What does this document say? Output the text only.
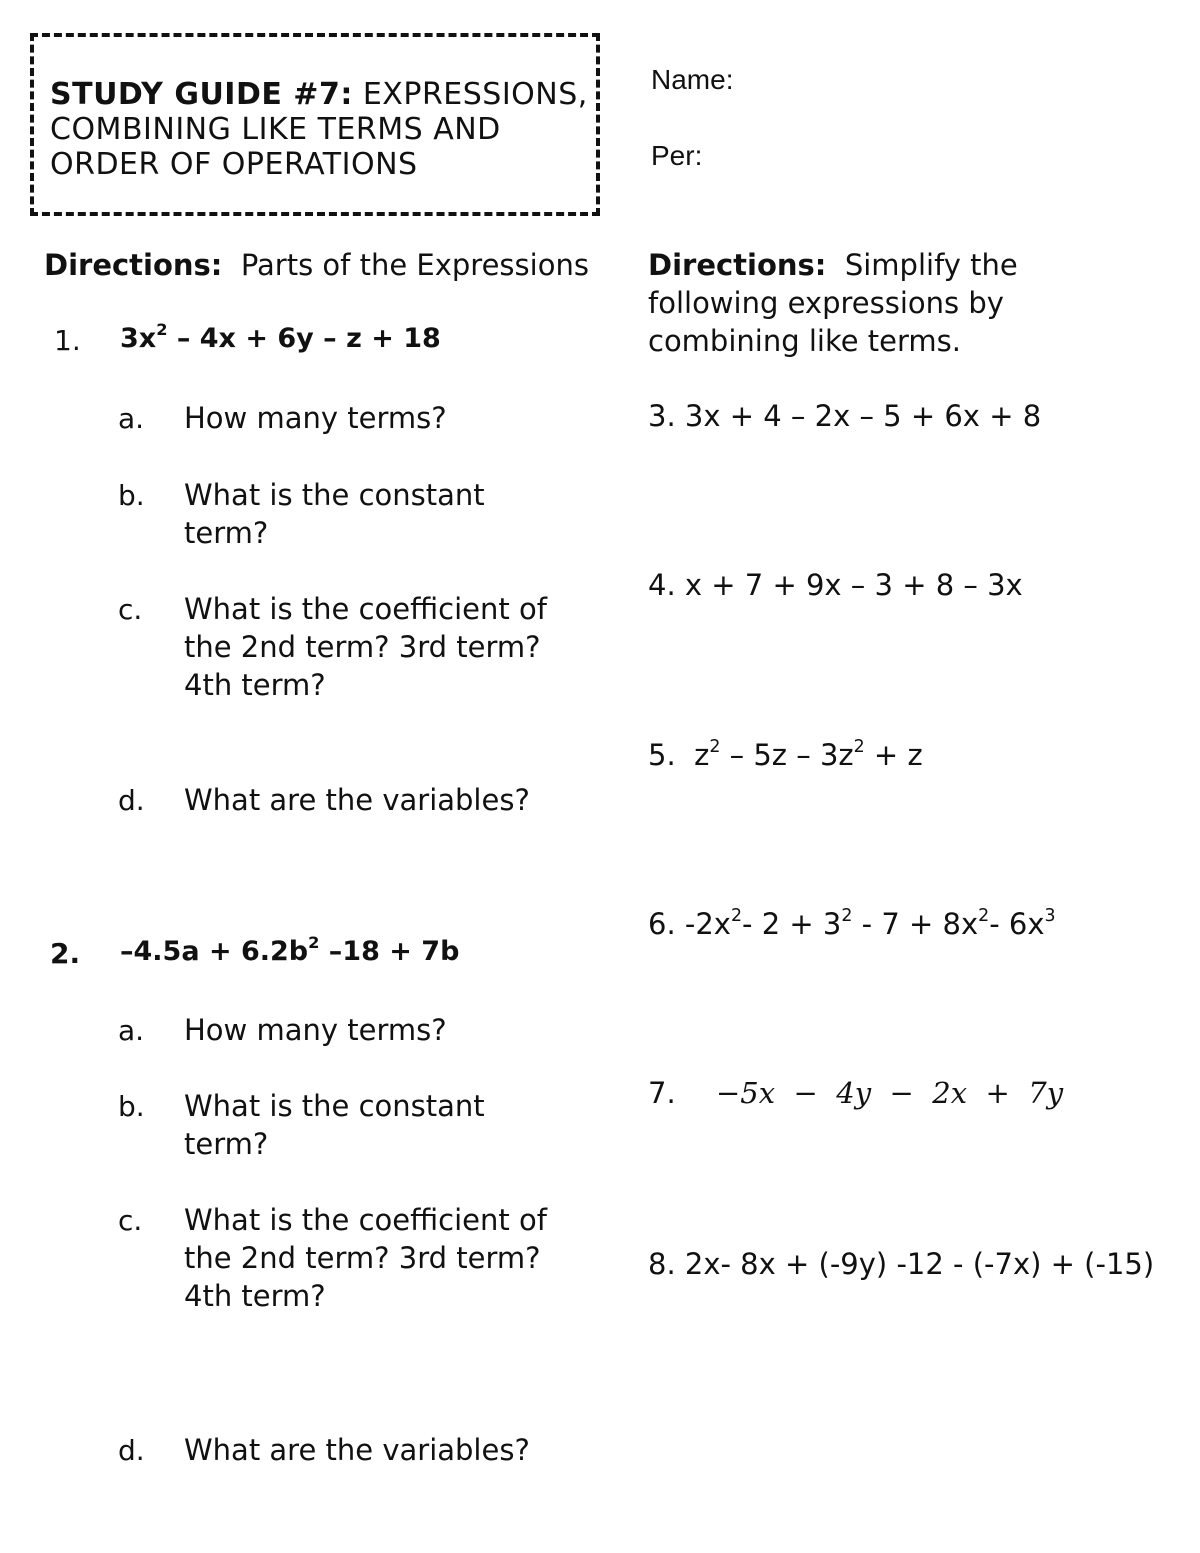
STUDY GUIDE #7: EXPRESSIONS,
COMBINING LIKE TERMS AND
ORDER OF OPERATIONS
Name:
Per:
Directions: Parts of the Expressions
1. $3x^2 - 4x + 6y - z + 18$
a. How many terms?
b. What is the constant term?
c. What is the coefficient of the 2nd term? 3rd term? 4th term?
d. What are the variables?
2. $-4.5a + 6.2b^2$ –18 + 7b
a. How many terms?
b. What is the constant term?
c. What is the coefficient of the 2nd term? 3rd term? 4th term?
d. What are the variables?
Directions: Simplify the following expressions by combining like terms.
3. 3x + 4 – 2x – 5 + 6x + 8
4. x + 7 + 9x – 3 + 8 – 3x
5. $z^2 - 5z - 3z^2 + z$
6. $-2x^2-$ $2 + 3^2 - 7 + 8x^2-$ $6x^3$
7. −5x  −  4y  −  2x  +  7y
8. 2x- 8x + (-9y) -12 - (-7x) + (-15)
